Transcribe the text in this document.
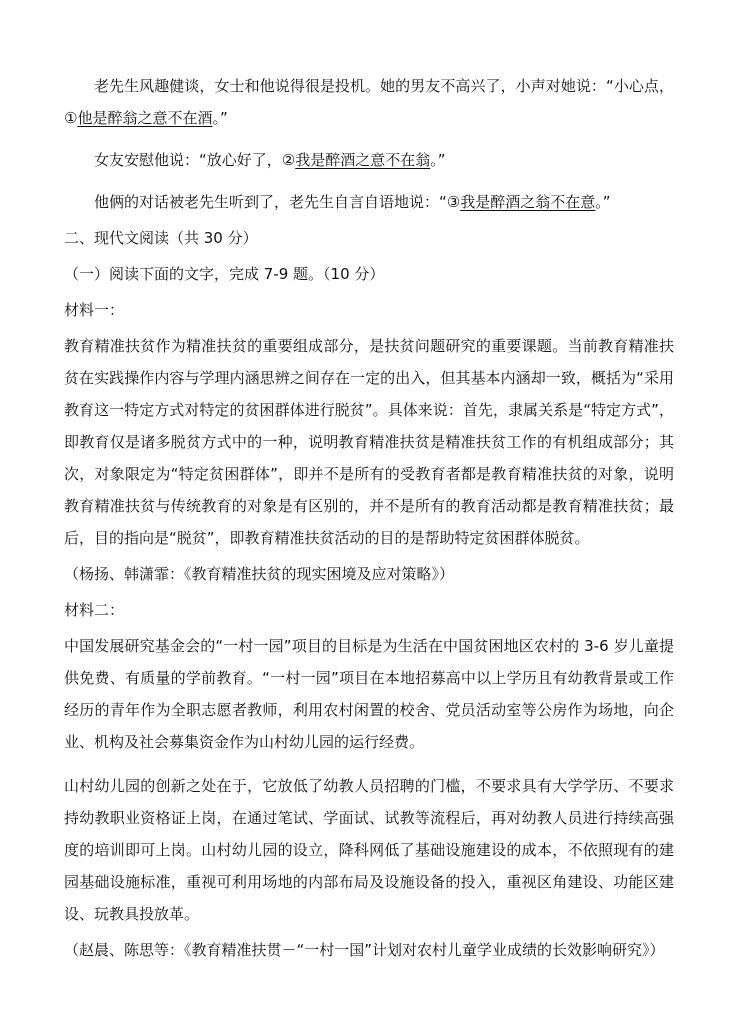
老先生风趣健谈，女士和他说得很是投机。她的男友不高兴了，小声对她说：“小心点，①他是醉翁之意不在酒。”

女友安慰他说：“放心好了，②我是醉酒之意不在翁。”

他俩的对话被老先生听到了，老先生自言自语地说：“③我是醉酒之翁不在意。”

二、现代文阅读（共 30 分）

（一）阅读下面的文字，完成 7-9 题。（10 分）

材料一：

教育精准扶贫作为精准扶贫的重要组成部分，是扶贫问题研究的重要课题。当前教育精准扶贫在实践操作内容与学理内涵思辨之间存在一定的出入，但其基本内涵却一致，概括为“采用教育这一特定方式对特定的贫困群体进行脱贫”。具体来说：首先，隶属关系是“特定方式”，即教育仅是诸多脱贫方式中的一种，说明教育精准扶贫是精准扶贫工作的有机组成部分；其次，对象限定为“特定贫困群体”，即并不是所有的受教育者都是教育精准扶贫的对象，说明教育精准扶贫与传统教育的对象是有区别的，并不是所有的教育活动都是教育精准扶贫；最后，目的指向是“脱贫”，即教育精准扶贫活动的目的是帮助特定贫困群体脱贫。

（杨扬、韩潇霏：《教育精准扶贫的现实困境及应对策略》）

材料二：

中国发展研究基金会的“一村一园”项目的目标是为生活在中国贫困地区农村的 3-6 岁儿童提供免费、有质量的学前教育。“一村一园”项目在本地招募高中以上学历且有幼教背景或工作经历的青年作为全职志愿者教师，利用农村闲置的校舍、党员活动室等公房作为场地，向企业、机构及社会募集资金作为山村幼儿园的运行经费。

山村幼儿园的创新之处在于，它放低了幼教人员招聘的门槛，不要求具有大学学历、不要求持幼教职业资格证上岗，在通过笔试、学面试、试教等流程后，再对幼教人员进行持续高强度的培训即可上岗。山村幼儿园的设立，降科网低了基础设施建设的成本，不依照现有的建园基础设施标准，重视可利用场地的内部布局及设施设备的投入，重视区角建设、功能区建设、玩教具投放革。

（赵晨、陈思等：《教育精准扶贯－“一村一国”计划对农村儿童学业成绩的长效影响研究》）
